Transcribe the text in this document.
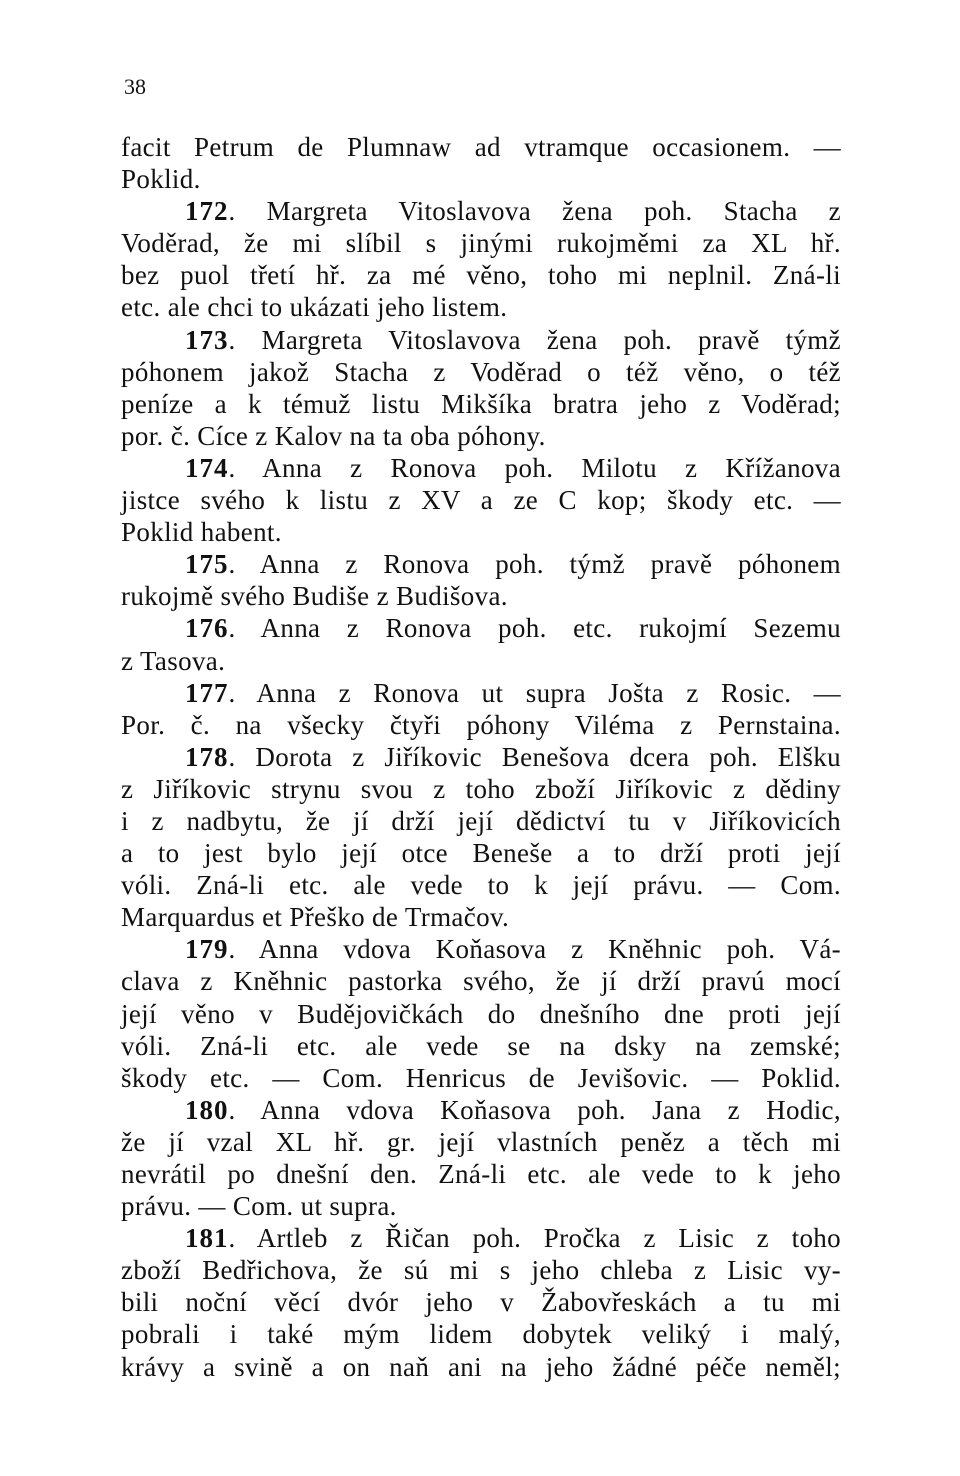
38
facit Petrum de Plumnaw ad vtramque occasionem. —
Poklid.
172. Margreta Vitoslavova žena poh. Stacha z
Voděrad, že mi slíbil s jinými rukojměmi za XL hř.
bez puol třetí hř. za mé věno, toho mi neplnil. Zná-li
etc. ale chci to ukázati jeho listem.
173. Margreta Vitoslavova žena poh. pravě týmž
póhonem jakož Stacha z Voděrad o též věno, o též
peníze a k témuž listu Mikšíka bratra jeho z Voděrad;
por. č. Cíce z Kalov na ta oba póhony.
174. Anna z Ronova poh. Milotu z Křížanova
jistce svého k listu z XV a ze C kop; škody etc. —
Poklid habent.
175. Anna z Ronova poh. týmž pravě póhonem
rukojmě svého Budiše z Budišova.
176. Anna z Ronova poh. etc. rukojmí Sezemu
z Tasova.
177. Anna z Ronova ut supra Jošta z Rosic. —
Por. č. na všecky čtyři póhony Viléma z Pernstaina.
178. Dorota z Jiříkovic Benešova dcera poh. Elšku
z Jiříkovic strynu svou z toho zboží Jiříkovic z dědiny
i z nadbytu, že jí drží její dědictví tu v Jiříkovicích
a to jest bylo její otce Beneše a to drží proti její
vóli. Zná-li etc. ale vede to k její právu. — Com.
Marquardus et Přeško de Trmačov.
179. Anna vdova Koňasova z Kněhnic poh. Vá-
clava z Kněhnic pastorka svého, že jí drží pravú mocí
její věno v Budějovičkách do dnešního dne proti její
vóli. Zná-li etc. ale vede se na dsky na zemské;
škody etc. — Com. Henricus de Jevišovic. — Poklid.
180. Anna vdova Koňasova poh. Jana z Hodic,
že jí vzal XL hř. gr. její vlastních peněz a těch mi
nevrátil po dnešní den. Zná-li etc. ale vede to k jeho
právu. — Com. ut supra.
181. Artleb z Řičan poh. Pročka z Lisic z toho
zboží Bedřichova, že sú mi s jeho chleba z Lisic vy-
bili noční věcí dvór jeho v Žabovřeskách a tu mi
pobrali i také mým lidem dobytek veliký i malý,
krávy a svině a on naň ani na jeho žádné péče neměl;
